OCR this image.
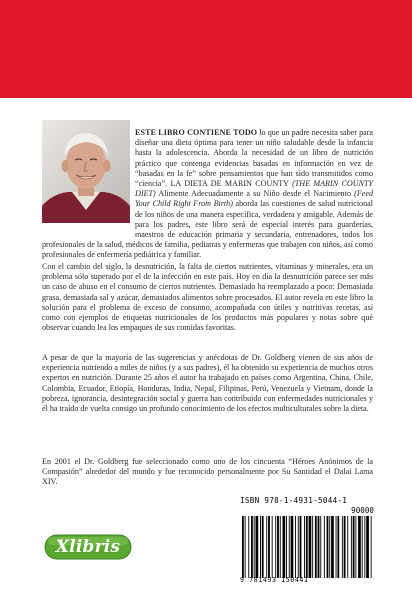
ESTE LIBRO CONTIENE TODO lo que un padre necesita saber para diseñar una dieta óptima para tener un niño saludable desde la infancia hasta la adolescencia. Aborda la necesidad de un libro de nutrición práctico que contenga evidencias basadas en información en vez de “basadas en la fe” sobre pensamientos que han sido transmitidos como “ciencia”. LA DIETA DE MARIN COUNTY (THE MARIN COUNTY DIET) Alimente Adecuadamente a su Niño desde el Nacimiento (Feed Your Child Right From Birth) aborda las cuestiones de salud nutricional de los niños de una manera específica, verdadera y amigable. Además de para los padres, este libro será de especial interés para guarderías, maestros de educación primaria y secundaria, entrenadores, todos los profesionales de la salud, médicos de familia, pediatras y enfermeras que trabajen con niños, así como profesionales de enfermería pediátrica y familiar.

Con el cambio del siglo, la desnutrición, la falta de ciertos nutrientes, vitaminas y minerales, era un problema sólo superado por el de la infección en este país. Hoy en día la desnutrición parece ser más un caso de abuso en el consumo de ciertos nutrientes. Demasiado ha reemplazado a poco: Demasiada grasa, demasiada sal y azúcar, demasiados alimentos sobre procesados. El autor revela en este libro la solución para el problema de exceso de consumo, acompañada con útiles y nutritivas recetas, así como con ejemplos de etiquetas nutricionales de los productos más populares y notas sobre qué observar cuando lea los empaques de sus comidas favoritas.

A pesar de que la mayoría de las sugerencias y anécdotas de Dr. Goldberg vienen de sus años de experiencia nutriendo a miles de niños (y a sus padres), él ha obtenido su experiencia de muchos otros expertos en nutrición. Durante 25 años el autor ha trabajado en países como Argentina, China, Chile, Colombia, Ecuador, Etiopía, Honduras, India, Nepal, Filipinas, Perú, Venezuela y Vietnam, donde la pobreza, ignorancia, desintegración social y guerra han contribuido con enfermedades nutricionales y él ha traído de vuelta consigo un profundo conocimiento de los efectos multiculturales sobre la dieta.

En 2001 el Dr. Goldberg fue seleccionado como uno de los cincuenta “Héroes Anónimos de la Compasión” alrededor del mundo y fue reconocido personalmente por Su Santidad el Dalai Lama XIV.

ISBN 978-1-4931-5044-1
90000
9 781493 150441
Xlibris
